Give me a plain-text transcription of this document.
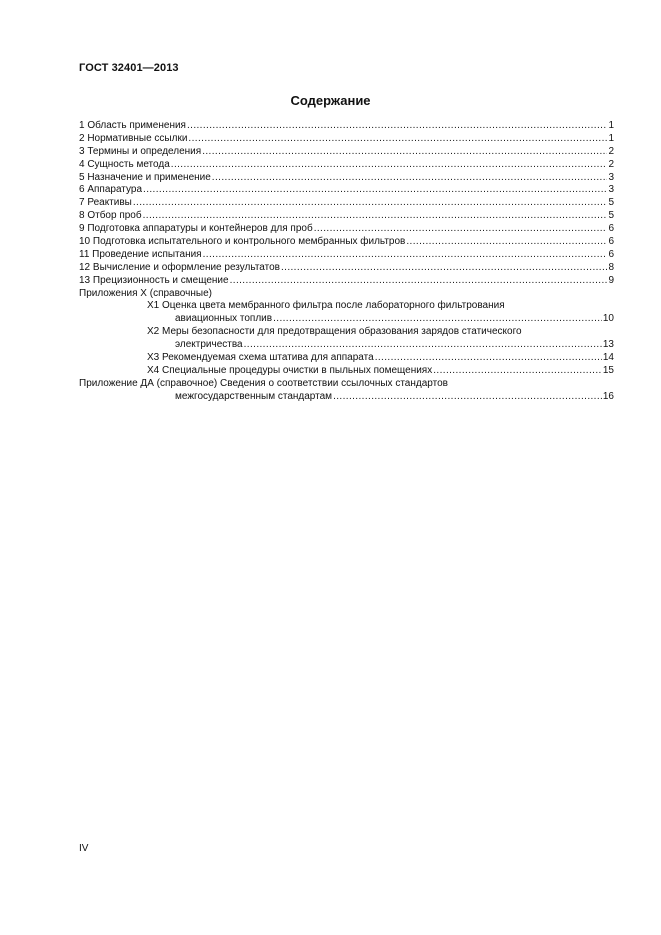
ГОСТ 32401—2013
Содержание
1 Область применения .....	1
2 Нормативные ссылки .....	1
3 Термины и определения .....	2
4 Сущность метода .....	2
5 Назначение и применение .....	3
6 Аппаратура .....	3
7 Реактивы .....	5
8 Отбор проб .....	5
9 Подготовка аппаратуры и контейнеров для проб .....	6
10 Подготовка испытательного и контрольного мембранных фильтров .....	6
11 Проведение испытания .....	6
12 Вычисление и оформление результатов .....	8
13 Прецизионность и смещение .....	9
Приложения X (справочные)
X1 Оценка цвета мембранного фильтра после лабораторного фильтрования
авиационных топлив .....	10
X2 Меры безопасности для предотвращения образования зарядов статического
электричества .....	13
X3 Рекомендуемая схема штатива для аппарата .....	14
X4 Специальные процедуры очистки в пыльных помещениях .....	15
Приложение ДА (справочное) Сведения о соответствии ссылочных стандартов
межгосударственным стандартам .....	16
IV
